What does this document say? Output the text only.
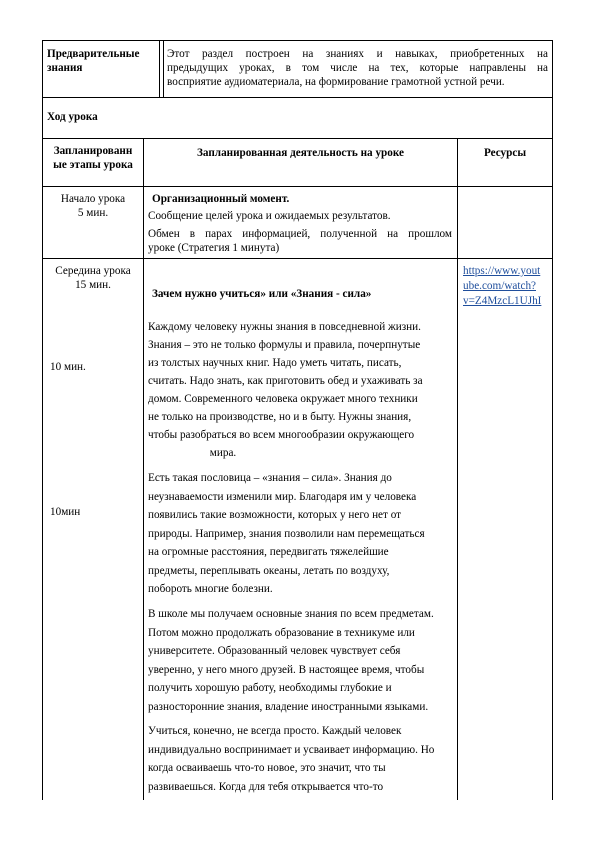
Предварительные
знания
Этот раздел построен на знаниях и навыках, приобретенных на
предыдущих уроках, в том числе на тех, которые направлены на
восприятие аудиоматериала, на формирование грамотной устной речи.
Ход урока
Запланированн
ые этапы урока
Запланированная деятельность на уроке	Ресурсы
Начало урока
5 мин.
Организационный момент.
Сообщение целей урока и ожидаемых результатов.
Обмен в парах информацией, полученной на прошлом
уроке (Стратегия 1 минута)
Середина урока
15 мин.
10 мин.
10мин
https://www.yout
ube.com/watch?
v=Z4MzcL1UJhI
Зачем нужно учиться» или «Знания - сила»
Каждому человеку нужны знания в повседневной жизни.
Знания – это не только формулы и правила, почерпнутые
из толстых научных книг. Надо уметь читать, писать,
считать. Надо знать, как приготовить обед и ухаживать за
домом. Современного человека окружает много техники
не только на производстве, но и в быту. Нужны знания,
чтобы разобраться во всем многообразии окружающего
мира.
Есть такая пословица – «знания – сила». Знания до
неузнаваемости изменили мир. Благодаря им у человека
появились такие возможности, которых у него нет от
природы. Например, знания позволили нам перемещаться
на огромные расстояния, передвигать тяжелейшие
предметы, переплывать океаны, летать по воздуху,
побороть многие болезни.
В школе мы получаем основные знания по всем предметам.
Потом можно продолжать образование в техникуме или
университете. Образованный человек чувствует себя
уверенно, у него много друзей. В настоящее время, чтобы
получить хорошую работу, необходимы глубокие и
разносторонние знания, владение иностранными языками.
Учиться, конечно, не всегда просто. Каждый человек
индивидуально воспринимает и усваивает информацию. Но
когда осваиваешь что-то новое, это значит, что ты
развиваешься. Когда для тебя открывается что-то
